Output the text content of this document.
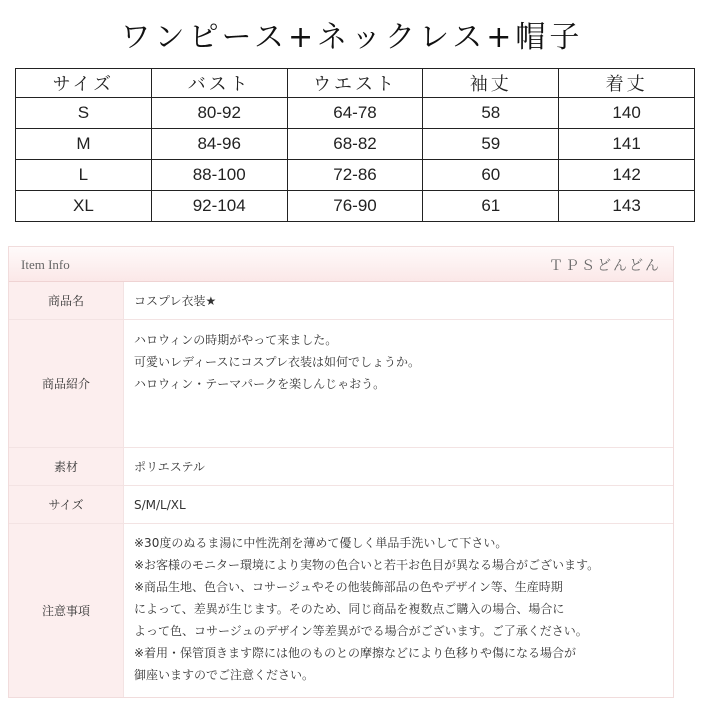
ワンピース+ネックレス+帽子
サイズ	バスト	ウエスト	袖丈	着丈
S	80-92	64-78	58	140
M	84-96	68-82	59	141
L	88-100	72-86	60	142
XL	92-104	76-90	61	143
Item Info	ＴＰＳどんどん
商品名	コスプレ衣装★
商品紹介
ハロウィンの時期がやって来ました。
可愛いレディースにコスプレ衣装は如何でしょうか。
ハロウィン・テーマパークを楽しんじゃおう。
素材	ポリエステル
サイズ	S/M/L/XL
注意事項
※30度のぬるま湯に中性洗剤を薄めて優しく単品手洗いして下さい。
※お客様のモニター環境により実物の色合いと若干お色目が異なる場合がございます。
※商品生地、色合い、コサージュやその他装飾部品の色やデザイン等、生産時期
によって、差異が生じます。そのため、同じ商品を複数点ご購入の場合、場合に
よって色、コサージュのデザイン等差異がでる場合がございます。ご了承ください。
※着用・保管頂きます際には他のものとの摩擦などにより色移りや傷になる場合が
御座いますのでご注意ください。
